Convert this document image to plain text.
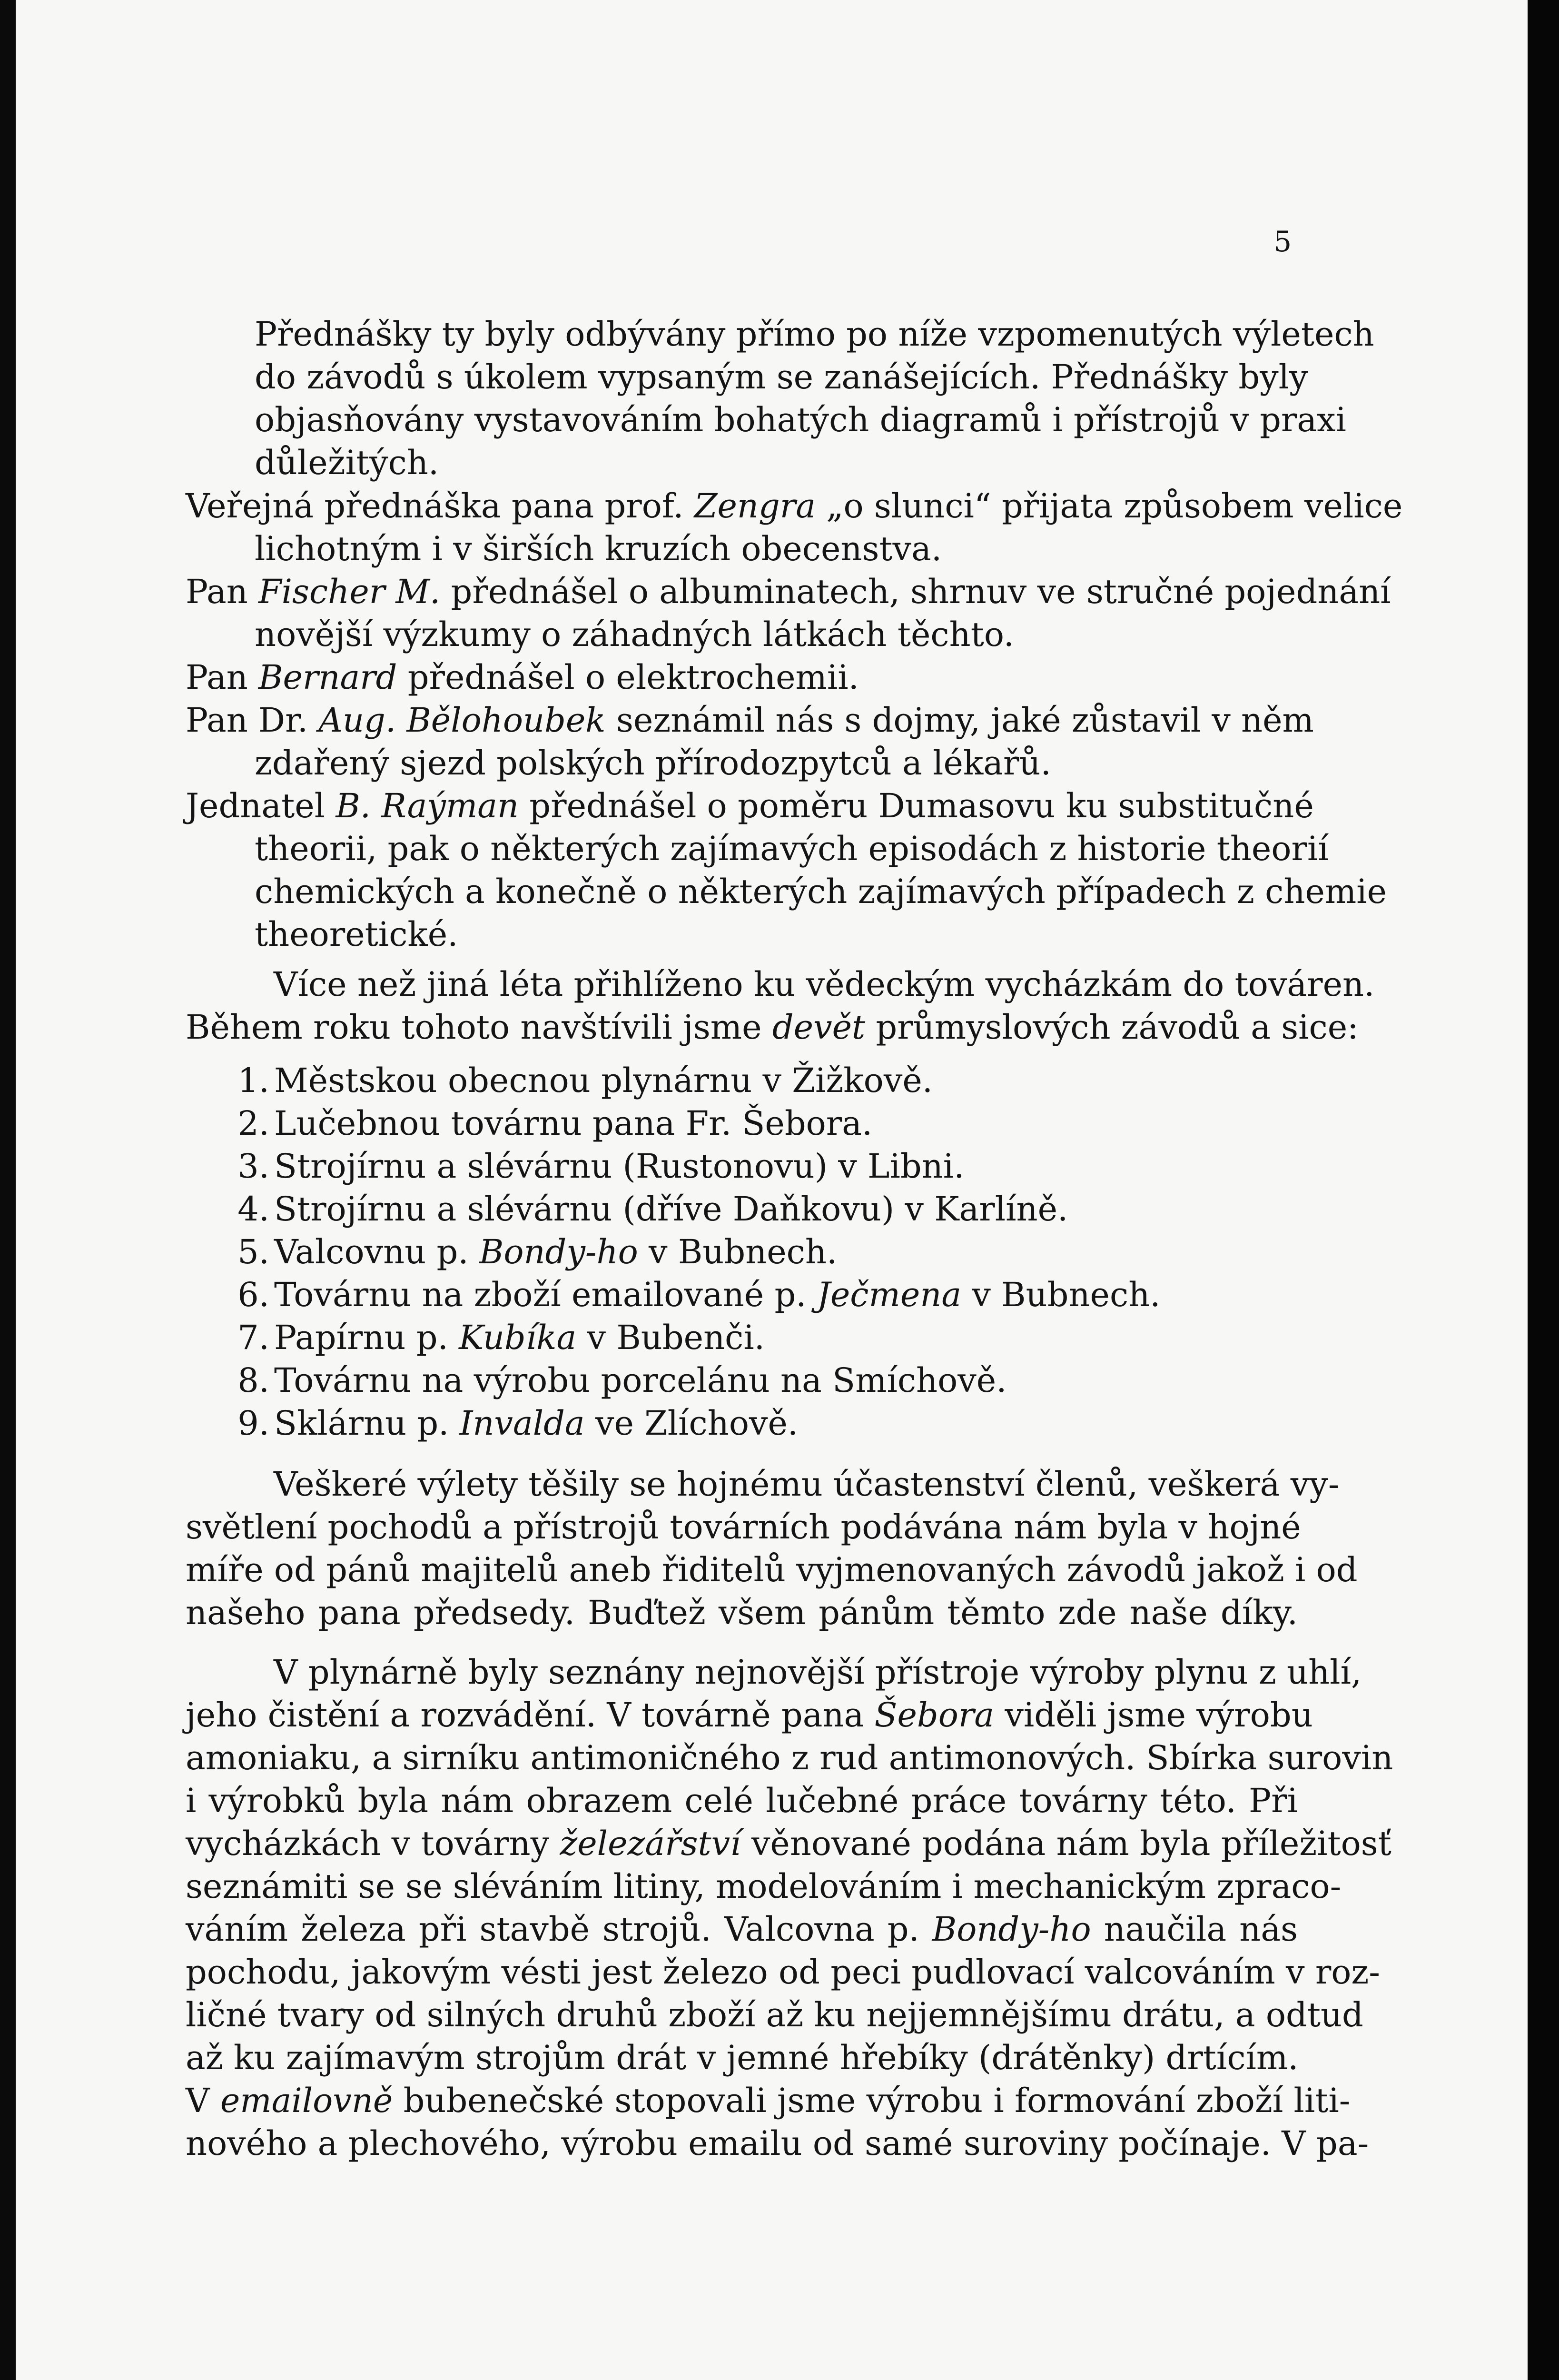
5
Přednášky ty byly odbývány přímo po níže vzpomenutých výletech
do závodů s úkolem vypsaným se zanášejících. Přednášky byly
objasňovány vystavováním bohatých diagramů i přístrojů v praxi
důležitých.
Veřejná přednáška pana prof. Zengra „o slunci“ přijata způsobem velice
lichotným i v širších kruzích obecenstva.
Pan Fischer M. přednášel o albuminatech, shrnuv ve stručné pojednání
novější výzkumy o záhadných látkách těchto.
Pan Bernard přednášel o elektrochemii.
Pan Dr. Aug. Bělohoubek seznámil nás s dojmy, jaké zůstavil v něm
zdařený sjezd polských přírodozpytců a lékařů.
Jednatel B. Raýman přednášel o poměru Dumasovu ku substitučné
theorii, pak o některých zajímavých episodách z historie theorií
chemických a konečně o některých zajímavých případech z chemie
theoretické.
Více než jiná léta přihlíženo ku vědeckým vycházkám do továren.
Během roku tohoto navštívili jsme devět průmyslových závodů a sice:
1. Městskou obecnou plynárnu v Žižkově.
2. Lučebnou továrnu pana Fr. Šebora.
3. Strojírnu a slévárnu (Rustonovu) v Libni.
4. Strojírnu a slévárnu (dříve Daňkovu) v Karlíně.
5. Valcovnu p. Bondy-ho v Bubnech.
6. Továrnu na zboží emailované p. Ječmena v Bubnech.
7. Papírnu p. Kubíka v Bubenči.
8. Továrnu na výrobu porcelánu na Smíchově.
9. Sklárnu p. Invalda ve Zlíchově.
Veškeré výlety těšily se hojnému účastenství členů, veškerá vy-
světlení pochodů a přístrojů továrních podávána nám byla v hojné
míře od pánů majitelů aneb řiditelů vyjmenovaných závodů jakož i od
našeho pana předsedy. Buďtež všem pánům těmto zde naše díky.
V plynárně byly seznány nejnovější přístroje výroby plynu z uhlí,
jeho čistění a rozvádění. V továrně pana Šebora viděli jsme výrobu
amoniaku, a sirníku antimoničného z rud antimonových. Sbírka surovin
i výrobků byla nám obrazem celé lučebné práce továrny této. Při
vycházkách v továrny železářství věnované podána nám byla příležitosť
seznámiti se se sléváním litiny, modelováním i mechanickým zpraco-
váním železa při stavbě strojů. Valcovna p. Bondy-ho naučila nás
pochodu, jakovým vésti jest železo od peci pudlovací valcováním v roz-
ličné tvary od silných druhů zboží až ku nejjemnějšímu drátu, a odtud
až ku zajímavým strojům drát v jemné hřebíky (drátěnky) drtícím.
V emailovně bubenečské stopovali jsme výrobu i formování zboží liti-
nového a plechového, výrobu emailu od samé suroviny počínaje. V pa-
